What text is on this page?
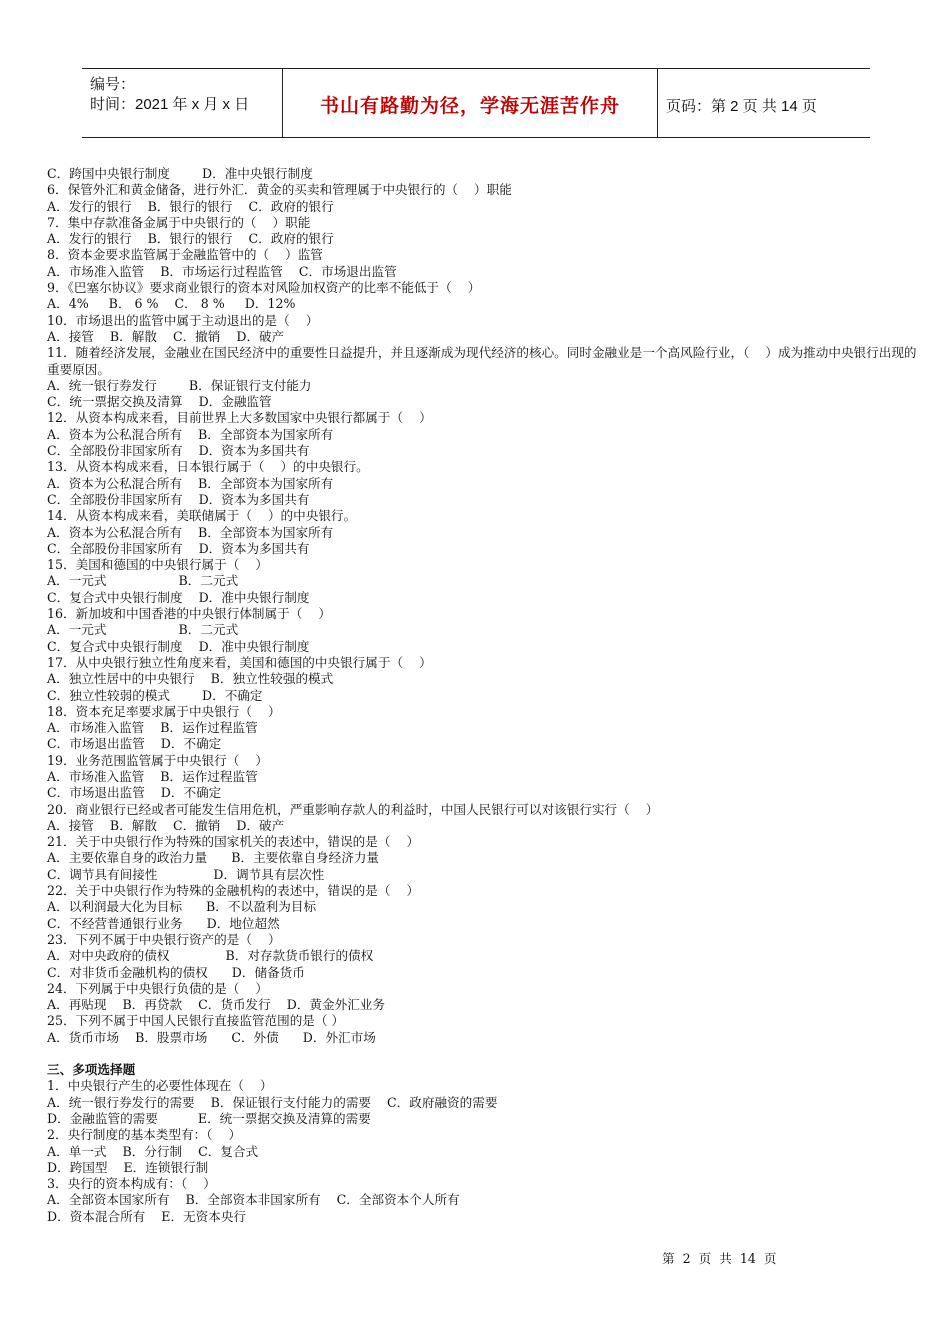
编号：
时间：2021 年 x 月 x 日	书山有路勤为径，学海无涯苦作舟	页码：第 2 页 共 14 页
C．跨国中央银行制度        D．准中央银行制度
6．保管外汇和黄金储备，进行外汇．黄金的买卖和管理属于中央银行的（    ）职能
A．发行的银行    B．银行的银行    C．政府的银行
7．集中存款准备金属于中央银行的（    ）职能
A．发行的银行    B．银行的银行    C．政府的银行
8．资本金要求监管属于金融监管中的（    ）监管
A．市场准入监管    B．市场运行过程监管    C．市场退出监管
9．《巴塞尔协议》要求商业银行的资本对风险加权资产的比率不能低于（    ）
A．4%     B． 6 %    C． 8 %     D．12%
10．市场退出的监管中属于主动退出的是（    ）
A．接管    B．解散    C．撤销    D．破产
11．随着经济发展，金融业在国民经济中的重要性日益提升，并且逐渐成为现代经济的核心。同时金融业是一个高风险行业，（    ）成为推动中央银行出现的重要原因。
A．统一银行券发行        B．保证银行支付能力
C．统一票据交换及清算    D．金融监管
12．从资本构成来看，目前世界上大多数国家中央银行都属于（    ）
A．资本为公私混合所有    B．全部资本为国家所有
C．全部股份非国家所有    D．资本为多国共有
13．从资本构成来看，日本银行属于（    ）的中央银行。
A．资本为公私混合所有    B．全部资本为国家所有
C．全部股份非国家所有    D．资本为多国共有
14．从资本构成来看，美联储属于（    ）的中央银行。
A．资本为公私混合所有    B．全部资本为国家所有
C．全部股份非国家所有    D．资本为多国共有
15．美国和德国的中央银行属于（    ）
A．一元式                  B．二元式
C．复合式中央银行制度    D．准中央银行制度
16．新加坡和中国香港的中央银行体制属于（    ）
A．一元式                  B．二元式
C．复合式中央银行制度    D．准中央银行制度
17．从中央银行独立性角度来看，美国和德国的中央银行属于（    ）
A．独立性居中的中央银行    B．独立性较强的模式
C．独立性较弱的模式        D．不确定
18．资本充足率要求属于中央银行（    ）
A．市场准入监管    B．运作过程监管
C．市场退出监管    D．不确定
19．业务范围监管属于中央银行（    ）
A．市场准入监管    B．运作过程监管
C．市场退出监管    D．不确定
20．商业银行已经或者可能发生信用危机，严重影响存款人的利益时，中国人民银行可以对该银行实行（    ）
A．接管    B．解散    C．撤销    D．破产
21．关于中央银行作为特殊的国家机关的表述中，错误的是（    ）
A．主要依靠自身的政治力量      B．主要依靠自身经济力量
C．调节具有间接性              D．调节具有层次性
22．关于中央银行作为特殊的金融机构的表述中，错误的是（    ）
A．以利润最大化为目标      B．不以盈利为目标
C．不经营普通银行业务      D．地位超然
23．下列不属于中央银行资产的是（    ）
A．对中央政府的债权              B．对存款货币银行的债权
C．对非货币金融机构的债权      D．储备货币
24．下列属于中央银行负债的是（    ）
A．再贴现    B．再贷款    C．货币发行    D．黄金外汇业务
25．下列不属于中国人民银行直接监管范围的是（ ）
A．货币市场    B．股票市场      C．外债      D．外汇市场
三、多项选择题
1．中央银行产生的必要性体现在（    ）
A．统一银行券发行的需要    B．保证银行支付能力的需要    C．政府融资的需要
D．金融监管的需要          E．统一票据交换及清算的需要
2．央行制度的基本类型有：（    ）
A．单一式    B．分行制    C．复合式
D．跨国型    E．连锁银行制
3．央行的资本构成有：（    ）
A．全部资本国家所有    B．全部资本非国家所有    C．全部资本个人所有
D．资本混合所有    E．无资本央行
第  2  页  共  14  页
